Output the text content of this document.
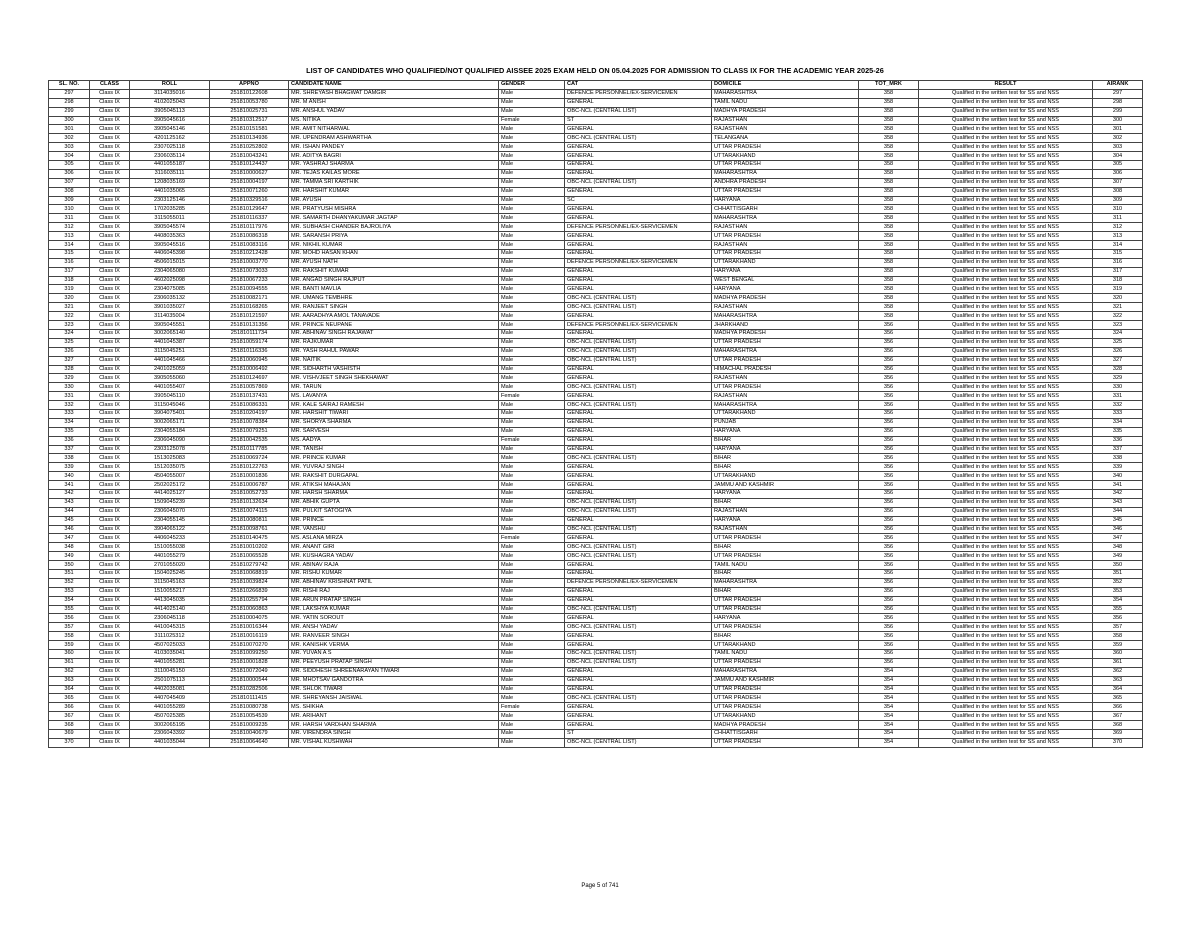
LIST OF CANDIDATES WHO QUALIFIED/NOT QUALIFIED AISSEE 2025 EXAM HELD ON 05.04.2025 FOR ADMISSION TO CLASS IX FOR THE ACADEMIC YEAR 2025-26
SL. NO.	CLASS	ROLL	APPNO	CANDIDATE NAME	GENDER	CAT	DOMICILE	TOT_MRK	RESULT	AIRANK
297	Class IX	3114035016	251810122608	MR. SHREYASH BHAGWAT DAMGIR	Male	DEFENCE PERSONNEL/EX-SERVICEMEN	MAHARASHTRA	358	Qualified in the written test for SS and NSS	297
298	Class IX	4102025043	251810053780	MR. M ANISH	Male	GENERAL	TAMIL NADU	358	Qualified in the written test for SS and NSS	298
299	Class IX	3905045113	251810025731	MR. ANSHUL YADAV	Male	OBC-NCL (CENTRAL LIST)	MADHYA PRADESH	358	Qualified in the written test for SS and NSS	299
300	Class IX	3905045616	251810312517	MS. NITIKA	Female	ST	RAJASTHAN	358	Qualified in the written test for SS and NSS	300
301	Class IX	3905045146	251810151581	MR. AMIT NITHARWAL	Male	GENERAL	RAJASTHAN	358	Qualified in the written test for SS and NSS	301
302	Class IX	4201125162	251810134936	MR. UPENDRAM ASHWARTHA	Male	OBC-NCL (CENTRAL LIST)	TELANGANA	358	Qualified in the written test for SS and NSS	302
303	Class IX	2307025118	251810252802	MR. ISHAN PANDEY	Male	GENERAL	UTTAR PRADESH	358	Qualified in the written test for SS and NSS	303
304	Class IX	2306035114	251810043241	MR. ADITYA BAGRI	Male	GENERAL	UTTARAKHAND	358	Qualified in the written test for SS and NSS	304
305	Class IX	4401055187	251810124437	MR. YASHRAJ SHARMA	Male	GENERAL	UTTAR PRADESH	358	Qualified in the written test for SS and NSS	305
306	Class IX	3116035111	251810000627	MR. TEJAS KAILAS MORE	Male	GENERAL	MAHARASHTRA	358	Qualified in the written test for SS and NSS	306
307	Class IX	1208035169	251810004197	MR. TAMMA SRI KARTHIK	Male	OBC-NCL (CENTRAL LIST)	ANDHRA PRADESH	358	Qualified in the written test for SS and NSS	307
308	Class IX	4401035065	251810071260	MR. HARSHIT KUMAR	Male	GENERAL	UTTAR PRADESH	358	Qualified in the written test for SS and NSS	308
309	Class IX	2303125146	251810329516	MR. AYUSH	Male	SC	HARYANA	358	Qualified in the written test for SS and NSS	309
310	Class IX	1702035285	251810129647	MR. PRATYUSH MISHRA	Male	GENERAL	CHHATTISGARH	358	Qualified in the written test for SS and NSS	310
311	Class IX	3115055011	251810116337	MR. SAMARTH DHANYAKUMAR JAGTAP	Male	GENERAL	MAHARASHTRA	358	Qualified in the written test for SS and NSS	311
312	Class IX	3905045574	251810117976	MR. SUBHASH CHANDER BAJROLIYA	Male	DEFENCE PERSONNEL/EX-SERVICEMEN	RAJASTHAN	358	Qualified in the written test for SS and NSS	312
313	Class IX	4408035363	251810086318	MR. SARANSH PRIYA	Male	GENERAL	UTTAR PRADESH	358	Qualified in the written test for SS and NSS	313
314	Class IX	3905045516	251810083116	MR. NIKHIL KUMAR	Male	GENERAL	RAJASTHAN	358	Qualified in the written test for SS and NSS	314
315	Class IX	4406045398	251810212428	MR. MOHD HASAN KHAN	Male	GENERAL	UTTAR PRADESH	358	Qualified in the written test for SS and NSS	315
316	Class IX	4506015015	251810003770	MR. AYUSH NATH	Male	DEFENCE PERSONNEL/EX-SERVICEMEN	UTTARAKHAND	358	Qualified in the written test for SS and NSS	316
317	Class IX	2304065080	251810073033	MR. RAKSHIT KUMAR	Male	GENERAL	HARYANA	358	Qualified in the written test for SS and NSS	317
318	Class IX	4602025098	251810067233	MR. ANGAD SINGH RAJPUT	Male	GENERAL	WEST BENGAL	358	Qualified in the written test for SS and NSS	318
319	Class IX	2304075085	251810094555	MR. BANTI MAVLIA	Male	GENERAL	HARYANA	358	Qualified in the written test for SS and NSS	319
320	Class IX	2306035132	251810082171	MR. UMANG TEMBHRE	Male	OBC-NCL (CENTRAL LIST)	MADHYA PRADESH	358	Qualified in the written test for SS and NSS	320
321	Class IX	3901035027	251810168265	MR. RANJEET SINGH	Male	OBC-NCL (CENTRAL LIST)	RAJASTHAN	358	Qualified in the written test for SS and NSS	321
322	Class IX	3114035004	251810121597	MR. AARADHYA AMOL TANAVADE	Male	GENERAL	MAHARASHTRA	358	Qualified in the written test for SS and NSS	322
323	Class IX	3905045551	251810131356	MR. PRINCE NEUPANE	Male	DEFENCE PERSONNEL/EX-SERVICEMEN	JHARKHAND	356	Qualified in the written test for SS and NSS	323
324	Class IX	3002065140	251810111734	MR. ABHINAV SINGH RAJAWAT	Male	GENERAL	MADHYA PRADESH	356	Qualified in the written test for SS and NSS	324
325	Class IX	4401045387	251810059174	MR. RAJKUMAR	Male	OBC-NCL (CENTRAL LIST)	UTTAR PRADESH	356	Qualified in the written test for SS and NSS	325
326	Class IX	3115045251	251810116336	MR. YASH RAHUL PAWAR	Male	OBC-NCL (CENTRAL LIST)	MAHARASHTRA	356	Qualified in the written test for SS and NSS	326
327	Class IX	4401045466	251810060945	MR. NAITIK	Male	OBC-NCL (CENTRAL LIST)	UTTAR PRADESH	356	Qualified in the written test for SS and NSS	327
328	Class IX	2401025059	251810006492	MR. SIDHARTH VASHISTH	Male	GENERAL	HIMACHAL PRADESH	356	Qualified in the written test for SS and NSS	328
329	Class IX	3905055060	251810124697	MR. VISHVJEET SINGH SHEKHAWAT	Male	GENERAL	RAJASTHAN	356	Qualified in the written test for SS and NSS	329
330	Class IX	4401055407	251810057869	MR. TARUN	Male	OBC-NCL (CENTRAL LIST)	UTTAR PRADESH	356	Qualified in the written test for SS and NSS	330
331	Class IX	3905045110	251810137431	MS. LAVANYA	Female	GENERAL	RAJASTHAN	356	Qualified in the written test for SS and NSS	331
332	Class IX	3115045046	251810086331	MR. KALE SAIRAJ RAMESH	Male	OBC-NCL (CENTRAL LIST)	MAHARASHTRA	356	Qualified in the written test for SS and NSS	332
333	Class IX	3904075401	251810204197	MR. HARSHIT TIWARI	Male	GENERAL	UTTARAKHAND	356	Qualified in the written test for SS and NSS	333
334	Class IX	3002065171	251810078384	MR. SHORYA SHARMA	Male	GENERAL	PUNJAB	356	Qualified in the written test for SS and NSS	334
335	Class IX	2304055184	251810079251	MR. SARVESH	Male	GENERAL	HARYANA	356	Qualified in the written test for SS and NSS	335
336	Class IX	2306045090	251810042535	MS. AADYA	Female	GENERAL	BIHAR	356	Qualified in the written test for SS and NSS	336
337	Class IX	2303125078	251810117785	MR. TANISH	Male	GENERAL	HARYANA	356	Qualified in the written test for SS and NSS	337
338	Class IX	1513025083	251810069724	MR. PRINCE KUMAR	Male	OBC-NCL (CENTRAL LIST)	BIHAR	356	Qualified in the written test for SS and NSS	338
339	Class IX	1512035075	251810122763	MR. YUVRAJ SINGH	Male	GENERAL	BIHAR	356	Qualified in the written test for SS and NSS	339
340	Class IX	4504055007	251810001836	MR. RAKSHIT DURGAPAL	Male	GENERAL	UTTARAKHAND	356	Qualified in the written test for SS and NSS	340
341	Class IX	2502025172	251810006787	MR. ATIKSH MAHAJAN	Male	GENERAL	JAMMU AND KASHMIR	356	Qualified in the written test for SS and NSS	341
342	Class IX	4414025127	251810052733	MR. HARSH SHARMA	Male	GENERAL	HARYANA	356	Qualified in the written test for SS and NSS	342
343	Class IX	1509045239	251810132634	MR. ABHIK GUPTA	Male	OBC-NCL (CENTRAL LIST)	BIHAR	356	Qualified in the written test for SS and NSS	343
344	Class IX	2306045070	251810074115	MR. PULKIT SATOGIYA	Male	OBC-NCL (CENTRAL LIST)	RAJASTHAN	356	Qualified in the written test for SS and NSS	344
345	Class IX	2304055145	251810080811	MR. PRINCE	Male	GENERAL	HARYANA	356	Qualified in the written test for SS and NSS	345
346	Class IX	3904065122	251810098761	MR. VANSHU	Male	OBC-NCL (CENTRAL LIST)	RAJASTHAN	356	Qualified in the written test for SS and NSS	346
347	Class IX	4406045233	251810140475	MS. ASLANA MIRZA	Female	GENERAL	UTTAR PRADESH	356	Qualified in the written test for SS and NSS	347
348	Class IX	1510055038	251810010202	MR. ANANT GIRI	Male	OBC-NCL (CENTRAL LIST)	BIHAR	356	Qualified in the written test for SS and NSS	348
349	Class IX	4401055279	251810065528	MR. KUSHAGRA YADAV	Male	OBC-NCL (CENTRAL LIST)	UTTAR PRADESH	356	Qualified in the written test for SS and NSS	349
350	Class IX	2701055020	251810279742	MR. ABINAV RAJA	Male	GENERAL	TAMIL NADU	356	Qualified in the written test for SS and NSS	350
351	Class IX	1504025245	251810068819	MR. RISHU KUMAR	Male	GENERAL	BIHAR	356	Qualified in the written test for SS and NSS	351
352	Class IX	3115045163	251810039824	MR. ABHINAV KRISHNAT PATIL	Male	DEFENCE PERSONNEL/EX-SERVICEMEN	MAHARASHTRA	356	Qualified in the written test for SS and NSS	352
353	Class IX	1510055217	251810266839	MR. RISHI RAJ	Male	GENERAL	BIHAR	356	Qualified in the written test for SS and NSS	353
354	Class IX	4413045035	251810255794	MR. ARUN PRATAP SINGH	Male	GENERAL	UTTAR PRADESH	356	Qualified in the written test for SS and NSS	354
355	Class IX	4414025140	251810060863	MR. LAKSHYA KUMAR	Male	OBC-NCL (CENTRAL LIST)	UTTAR PRADESH	356	Qualified in the written test for SS and NSS	355
356	Class IX	2306045118	251810004075	MR. YATIN SOROUT	Male	GENERAL	HARYANA	356	Qualified in the written test for SS and NSS	356
357	Class IX	4410045315	251810016344	MR. ANSH YADAV	Male	OBC-NCL (CENTRAL LIST)	UTTAR PRADESH	356	Qualified in the written test for SS and NSS	357
358	Class IX	3111025312	251810016119	MR. RANVEER SINGH	Male	GENERAL	BIHAR	356	Qualified in the written test for SS and NSS	358
359	Class IX	4507025033	251810070270	MR. KANISHK VERMA	Male	GENERAL	UTTARAKHAND	356	Qualified in the written test for SS and NSS	359
360	Class IX	4103035041	251810099250	MR. YUVAN A S	Male	OBC-NCL (CENTRAL LIST)	TAMIL NADU	356	Qualified in the written test for SS and NSS	360
361	Class IX	4401055281	251810001828	MR. PEEYUSH PRATAP SINGH	Male	OBC-NCL (CENTRAL LIST)	UTTAR PRADESH	356	Qualified in the written test for SS and NSS	361
362	Class IX	3110045150	251810072049	MR. SIDDHESH SHREENARAYAN TIWARI	Male	GENERAL	MAHARASHTRA	354	Qualified in the written test for SS and NSS	362
363	Class IX	2501075113	251810000544	MR. MHOTSAV GANDOTRA	Male	GENERAL	JAMMU AND KASHMIR	354	Qualified in the written test for SS and NSS	363
364	Class IX	4402035081	251810282506	MR. SHLOK TIWARI	Male	GENERAL	UTTAR PRADESH	354	Qualified in the written test for SS and NSS	364
365	Class IX	4407045409	251810111415	MR. SHREYANSH JAISWAL	Male	OBC-NCL (CENTRAL LIST)	UTTAR PRADESH	354	Qualified in the written test for SS and NSS	365
366	Class IX	4401055289	251810080738	MS. SHIKHA	Female	GENERAL	UTTAR PRADESH	354	Qualified in the written test for SS and NSS	366
367	Class IX	4507025385	251810054539	MR. ARIHANT	Male	GENERAL	UTTARAKHAND	354	Qualified in the written test for SS and NSS	367
368	Class IX	3002065195	251810009235	MR. HARSH VARDHAN SHARMA	Male	GENERAL	MADHYA PRADESH	354	Qualified in the written test for SS and NSS	368
369	Class IX	2306043392	251810040679	MR. VIRENDRA SINGH	Male	ST	CHHATTISGARH	354	Qualified in the written test for SS and NSS	369
370	Class IX	4401035044	251810064640	MR. VISHAL KUSHWAH	Male	OBC-NCL (CENTRAL LIST)	UTTAR PRADESH	354	Qualified in the written test for SS and NSS	370
Page 5 of 741
